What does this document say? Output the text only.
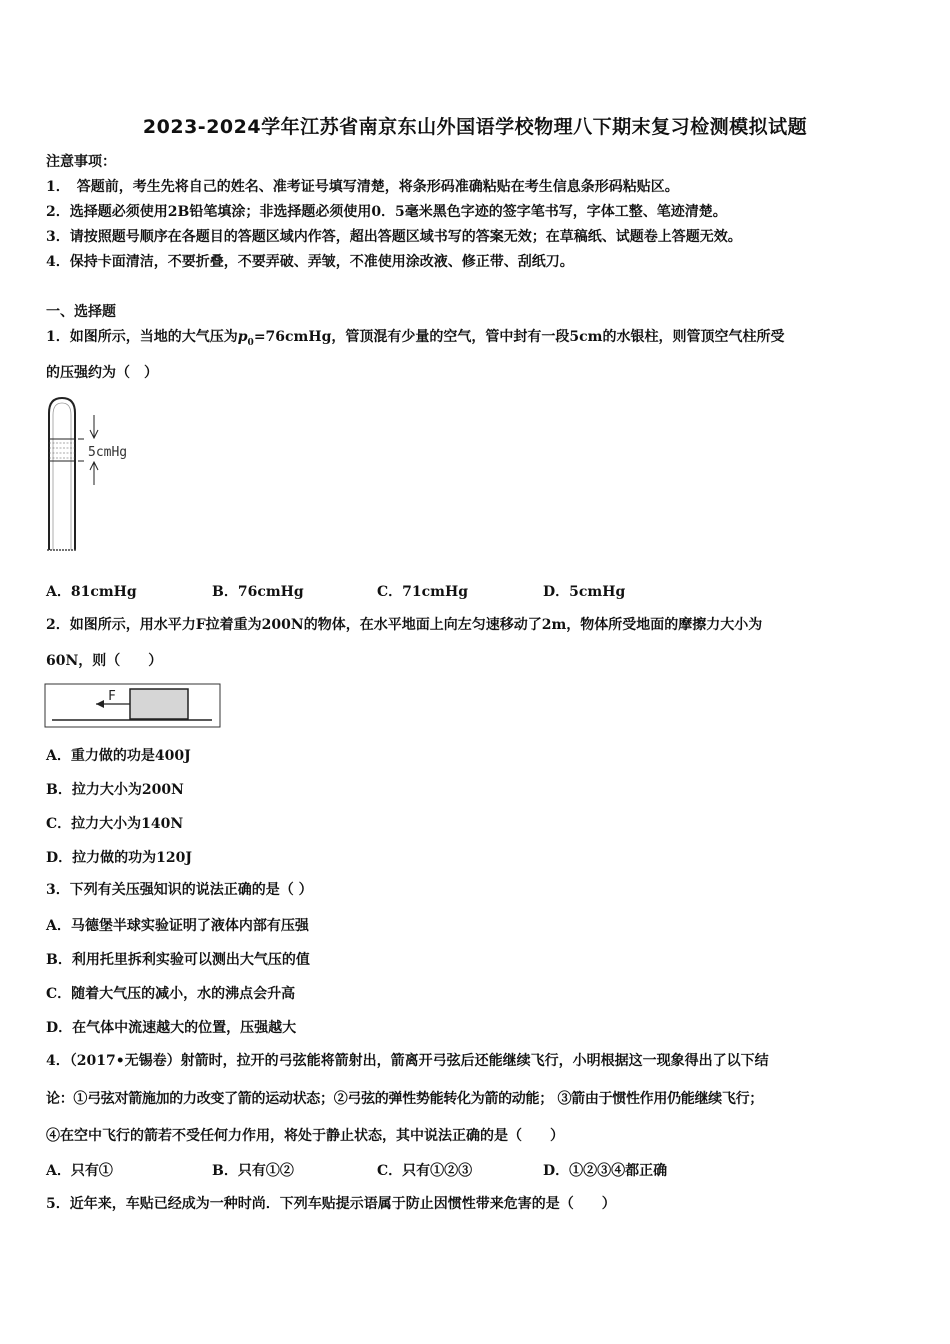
2023-2024学年江苏省南京东山外国语学校物理八下期末复习检测模拟试题
注意事项：
1．　答题前，考生先将自己的姓名、准考证号填写清楚，将条形码准确粘贴在考生信息条形码粘贴区。
2．选择题必须使用2B铅笔填涂；非选择题必须使用0．5毫米黑色字迹的签字笔书写，字体工整、笔迹清楚。
3．请按照题号顺序在各题目的答题区域内作答，超出答题区域书写的答案无效；在草稿纸、试题卷上答题无效。
4．保持卡面清洁，不要折叠，不要弄破、弄皱，不准使用涂改液、修正带、刮纸刀。
一、选择题
1．如图所示，当地的大气压为$p_0=76cmHg$，管顶混有少量的空气，管中封有一段5cm的水银柱，则管顶空气柱所受
的压强约为（　）
5cmHg
A．81cmHg	B．76cmHg	C．71cmHg	D．5cmHg
2．如图所示，用水平力F拉着重为200N的物体，在水平地面上向左匀速移动了2m，物体所受地面的摩擦力大小为
60N，则（　　）
F
A．重力做的功是400J
B．拉力大小为200N
C．拉力大小为140N
D．拉力做的功为120J
3．下列有关压强知识的说法正确的是（ ）
A．马德堡半球实验证明了液体内部有压强
B．利用托里拆利实验可以测出大气压的值
C．随着大气压的减小，水的沸点会升高
D．在气体中流速越大的位置，压强越大
4．（2017•无锡卷）射箭时，拉开的弓弦能将箭射出，箭离开弓弦后还能继续飞行，小明根据这一现象得出了以下结
论：①弓弦对箭施加的力改变了箭的运动状态；②弓弦的弹性势能转化为箭的动能； ③箭由于惯性作用仍能继续飞行；
④在空中飞行的箭若不受任何力作用，将处于静止状态，其中说法正确的是（　　）
A．只有①	B．只有①②	C．只有①②③	D．①②③④都正确
5．近年来，车贴已经成为一种时尚．下列车贴提示语属于防止因惯性带来危害的是（　　）
